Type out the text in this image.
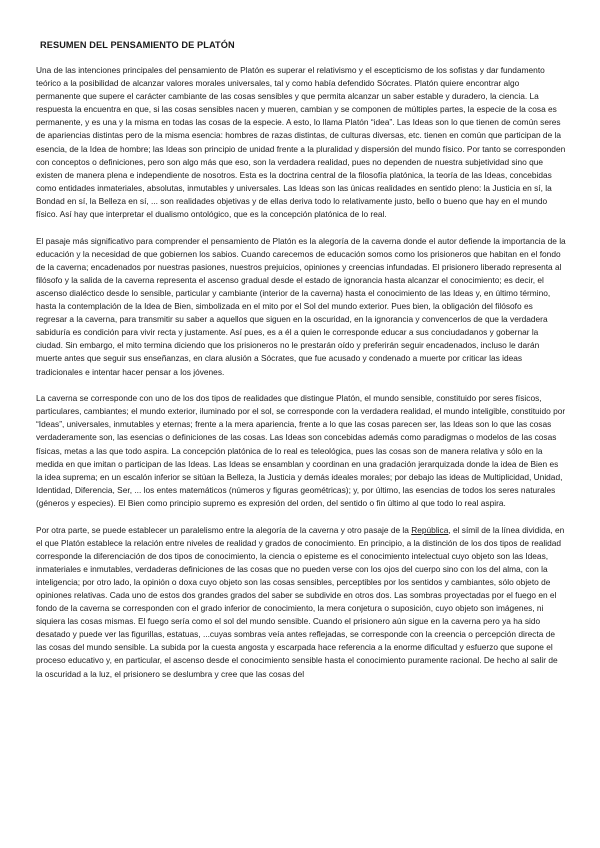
RESUMEN DEL PENSAMIENTO DE PLATÓN

Una de las intenciones principales del pensamiento de Platón es superar el relativismo y el escepticismo de los sofistas y dar fundamento teórico a la posibilidad de alcanzar valores morales universales, tal y como había defendido Sócrates. Platón quiere encontrar algo permanente que supere el carácter cambiante de las cosas sensibles y que permita alcanzar un saber estable y duradero, la ciencia. La respuesta la encuentra en que, si las cosas sensibles nacen y mueren, cambian y se componen de múltiples partes, la especie de la cosa es permanente, y es una y la misma en todas las cosas de la especie. A esto, lo llama Platón “idea”. Las Ideas son lo que tienen de común seres de apariencias distintas pero de la misma esencia: hombres de razas distintas, de culturas diversas, etc. tienen en común que participan de la esencia, de la Idea de hombre; las Ideas son principio de unidad frente a la pluralidad y dispersión del mundo físico. Por tanto se corresponden con conceptos o definiciones, pero son algo más que eso, son la verdadera realidad, pues no dependen de nuestra subjetividad sino que existen de manera plena e independiente de nosotros. Esta es la doctrina central de la filosofía platónica, la teoría de las Ideas, concebidas como entidades inmateriales, absolutas, inmutables y universales. Las Ideas son las únicas realidades en sentido pleno: la Justicia en sí, la Bondad en sí, la Belleza en sí, ... son realidades objetivas y de ellas deriva todo lo relativamente justo, bello o bueno que hay en el mundo físico. Así hay que interpretar el dualismo ontológico, que es la concepción platónica de lo real.

El pasaje más significativo para comprender el pensamiento de Platón es la alegoría de la caverna donde el autor defiende la importancia de la educación y la necesidad de que gobiernen los sabios. Cuando carecemos de educación somos como los prisioneros que habitan en el fondo de la caverna; encadenados por nuestras pasiones, nuestros prejuicios, opiniones y creencias infundadas. El prisionero liberado representa al filósofo y la salida de la caverna representa el ascenso gradual desde el estado de ignorancia hasta alcanzar el conocimiento; es decir, el ascenso dialéctico desde lo sensible, particular y cambiante (interior de la caverna) hasta el conocimiento de las Ideas y, en último término, hasta la contemplación de la Idea de Bien, simbolizada en el mito por el Sol del mundo exterior. Pues bien, la obligación del filósofo es regresar a la caverna, para transmitir su saber a aquellos que siguen en la oscuridad, en la ignorancia y convencerlos de que la verdadera sabiduría es condición para vivir recta y justamente. Así pues, es a él a quien le corresponde educar a sus conciudadanos y gobernar la ciudad. Sin embargo, el mito termina diciendo que los prisioneros no le prestarán oído y preferirán seguir encadenados, incluso le darán muerte antes que seguir sus enseñanzas, en clara alusión a Sócrates, que fue acusado y condenado a muerte por criticar las ideas tradicionales e intentar hacer pensar a los jóvenes.

La caverna se corresponde con uno de los dos tipos de realidades que distingue Platón, el mundo sensible, constituido por seres físicos, particulares, cambiantes; el mundo exterior, iluminado por el sol, se corresponde con la verdadera realidad, el mundo inteligible, constituido por “Ideas”, universales, inmutables y eternas; frente a la mera apariencia, frente a lo que las cosas parecen ser, las Ideas son lo que las cosas verdaderamente son, las esencias o definiciones de las cosas. Las Ideas son concebidas además como paradigmas o modelos de las cosas físicas, metas a las que todo aspira. La concepción platónica de lo real es teleológica, pues las cosas son de manera relativa y sólo en la medida en que imitan o participan de las Ideas. Las Ideas se ensamblan y coordinan en una gradación jerarquizada donde la idea de Bien es la idea suprema; en un escalón inferior se sitúan la Belleza, la Justicia y demás ideales morales; por debajo las ideas de Multiplicidad, Unidad, Identidad, Diferencia, Ser, ... los entes matemáticos (números y figuras geométricas); y, por último, las esencias de todos los seres naturales (géneros y especies). El Bien como principio supremo es expresión del orden, del sentido o fin último al que todo lo real aspira.

Por otra parte, se puede establecer un paralelismo entre la alegoría de la caverna y otro pasaje de la República, el símil de la línea dividida, en el que Platón establece la relación entre niveles de realidad y grados de conocimiento. En principio, a la distinción de los dos tipos de realidad corresponde la diferenciación de dos tipos de conocimiento, la ciencia o episteme es el conocimiento intelectual cuyo objeto son las Ideas, inmateriales e inmutables, verdaderas definiciones de las cosas que no pueden verse con los ojos del cuerpo sino con los del alma, con la inteligencia; por otro lado, la opinión o doxa cuyo objeto son las cosas sensibles, perceptibles por los sentidos y cambiantes, sólo objeto de opiniones relativas. Cada uno de estos dos grandes grados del saber se subdivide en otros dos. Las sombras proyectadas por el fuego en el fondo de la caverna se corresponden con el grado inferior de conocimiento, la mera conjetura o suposición, cuyo objeto son imágenes, ni siquiera las cosas mismas. El fuego sería como el sol del mundo sensible. Cuando el prisionero aún sigue en la caverna pero ya ha sido desatado y puede ver las figurillas, estatuas, ...cuyas sombras veía antes reflejadas, se corresponde con la creencia o percepción directa de las cosas del mundo sensible. La subida por la cuesta angosta y escarpada hace referencia a la enorme dificultad y esfuerzo que supone el proceso educativo y, en particular, el ascenso desde el conocimiento sensible hasta el conocimiento puramente racional. De hecho al salir de la oscuridad a la luz, el prisionero se deslumbra y cree que las cosas del
